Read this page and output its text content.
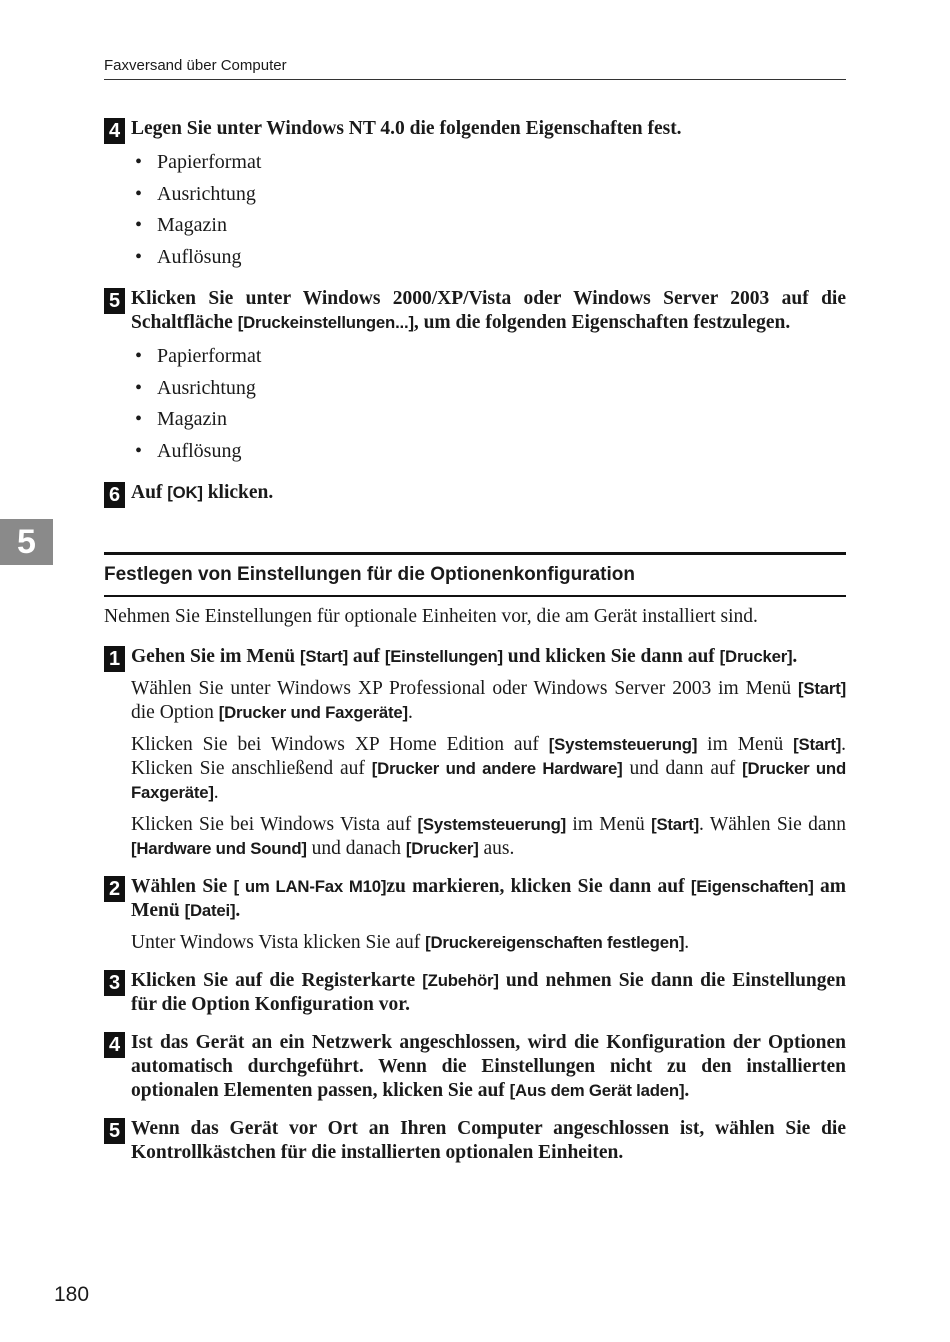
Faxversand über Computer
5
4 Legen Sie unter Windows NT 4.0 die folgenden Eigenschaften fest.
• Papierformat
• Ausrichtung
• Magazin
• Auflösung
5 Klicken Sie unter Windows 2000/XP/Vista oder Windows Server 2003 auf die Schaltfläche [Druckeinstellungen...], um die folgenden Eigenschaften festzulegen.
• Papierformat
• Ausrichtung
• Magazin
• Auflösung
6 Auf [OK] klicken.
Festlegen von Einstellungen für die Optionenkonfiguration
Nehmen Sie Einstellungen für optionale Einheiten vor, die am Gerät installiert sind.
1 Gehen Sie im Menü [Start] auf [Einstellungen] und klicken Sie dann auf [Drucker].
Wählen Sie unter Windows XP Professional oder Windows Server 2003 im Menü [Start] die Option [Drucker und Faxgeräte].
Klicken Sie bei Windows XP Home Edition auf [Systemsteuerung] im Menü [Start]. Klicken Sie anschließend auf [Drucker und andere Hardware] und dann auf [Drucker und Faxgeräte].
Klicken Sie bei Windows Vista auf [Systemsteuerung] im Menü [Start]. Wählen Sie dann [Hardware und Sound] und danach [Drucker] aus.
2 Wählen Sie [ um LAN-Fax M10]zu markieren, klicken Sie dann auf [Eigenschaften] am Menü [Datei].
Unter Windows Vista klicken Sie auf [Druckereigenschaften festlegen].
3 Klicken Sie auf die Registerkarte [Zubehör] und nehmen Sie dann die Einstellungen für die Option Konfiguration vor.
4 Ist das Gerät an ein Netzwerk angeschlossen, wird die Konfiguration der Optionen automatisch durchgeführt. Wenn die Einstellungen nicht zu den installierten optionalen Elementen passen, klicken Sie auf [Aus dem Gerät laden].
5 Wenn das Gerät vor Ort an Ihren Computer angeschlossen ist, wählen Sie die Kontrollkästchen für die installierten optionalen Einheiten.
180
